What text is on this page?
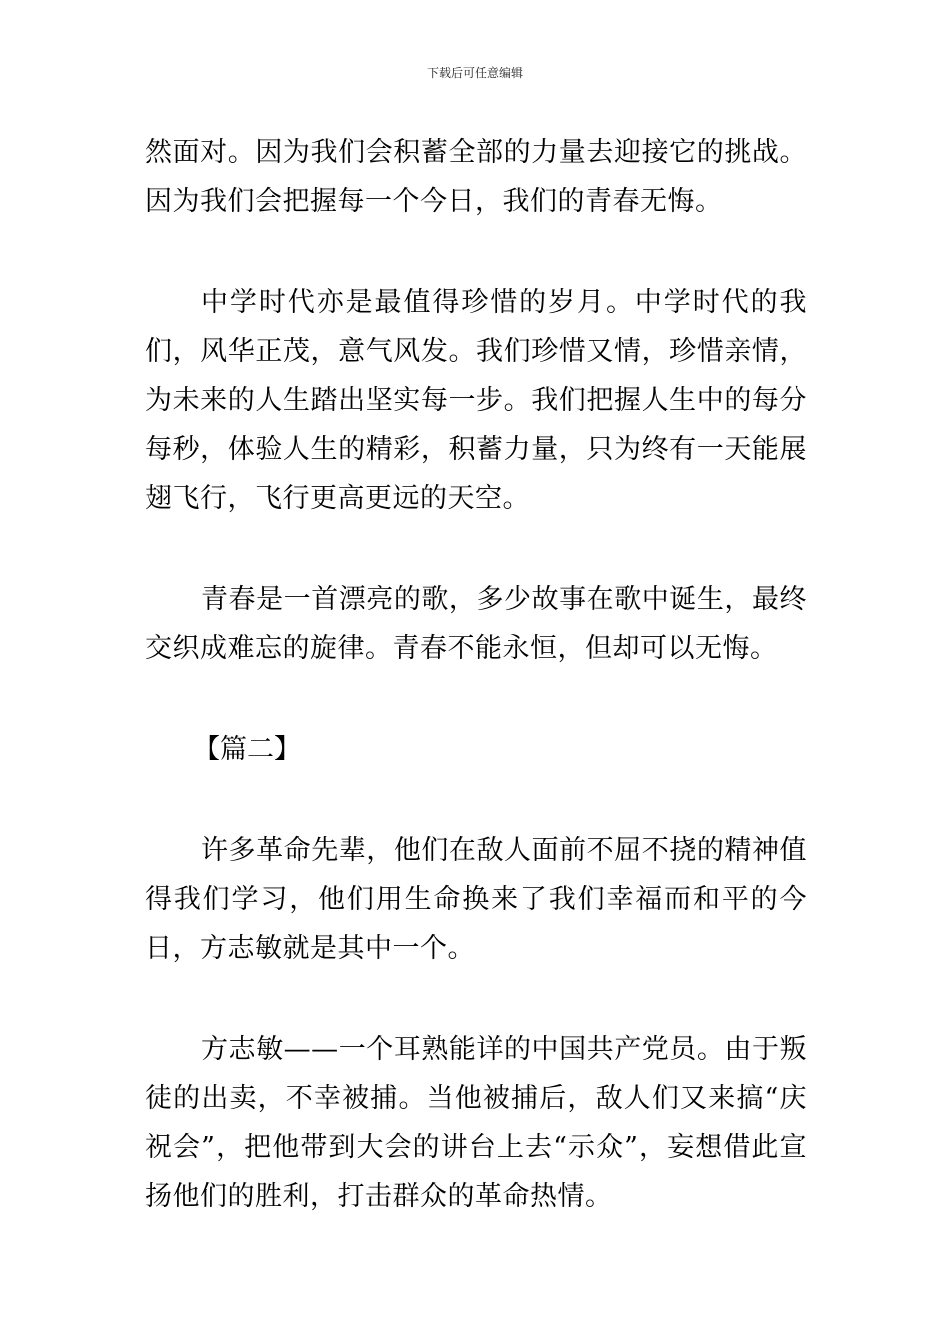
下载后可任意编辑

然面对。因为我们会积蓄全部的力量去迎接它的挑战。因为我们会把握每一个今日，我们的青春无悔。

中学时代亦是最值得珍惜的岁月。中学时代的我们，风华正茂，意气风发。我们珍惜又情，珍惜亲情，为未来的人生踏出坚实每一步。我们把握人生中的每分每秒，体验人生的精彩，积蓄力量，只为终有一天能展翅飞行，飞行更高更远的天空。

青春是一首漂亮的歌，多少故事在歌中诞生，最终交织成难忘的旋律。青春不能永恒，但却可以无悔。

【篇二】

许多革命先辈，他们在敌人面前不屈不挠的精神值得我们学习，他们用生命换来了我们幸福而和平的今日，方志敏就是其中一个。

方志敏——一个耳熟能详的中国共产党员。由于叛徒的出卖，不幸被捕。当他被捕后，敌人们又来搞“庆祝会”，把他带到大会的讲台上去“示众”，妄想借此宣扬他们的胜利，打击群众的革命热情。
